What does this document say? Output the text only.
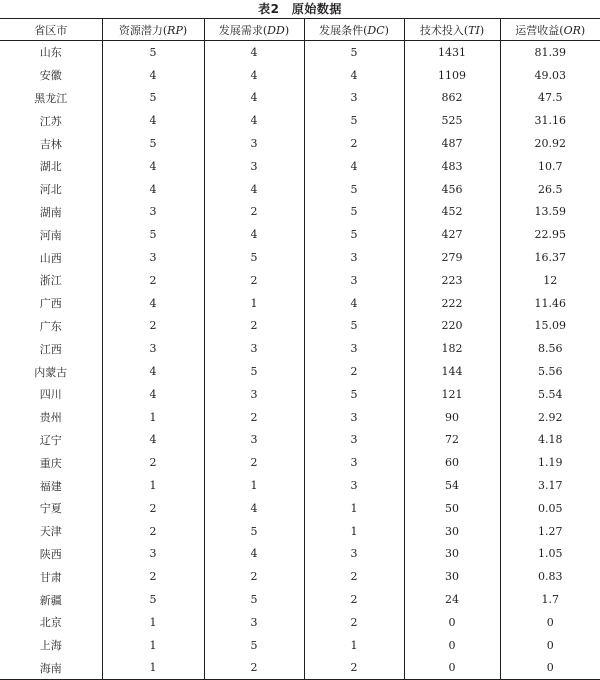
表2　原始数据
省区市	资源潜力(RP)	发展需求(DD)	发展条件(DC)	技术投入(TI)	运营收益(OR)
山东	5	4	5	1431	81.39
安徽	4	4	4	1109	49.03
黑龙江	5	4	3	862	47.5
江苏	4	4	5	525	31.16
吉林	5	3	2	487	20.92
湖北	4	3	4	483	10.7
河北	4	4	5	456	26.5
湖南	3	2	5	452	13.59
河南	5	4	5	427	22.95
山西	3	5	3	279	16.37
浙江	2	2	3	223	12
广西	4	1	4	222	11.46
广东	2	2	5	220	15.09
江西	3	3	3	182	8.56
内蒙古	4	5	2	144	5.56
四川	4	3	5	121	5.54
贵州	1	2	3	90	2.92
辽宁	4	3	3	72	4.18
重庆	2	2	3	60	1.19
福建	1	1	3	54	3.17
宁夏	2	4	1	50	0.05
天津	2	5	1	30	1.27
陕西	3	4	3	30	1.05
甘肃	2	2	2	30	0.83
新疆	5	5	2	24	1.7
北京	1	3	2	0	0
上海	1	5	1	0	0
海南	1	2	2	0	0
